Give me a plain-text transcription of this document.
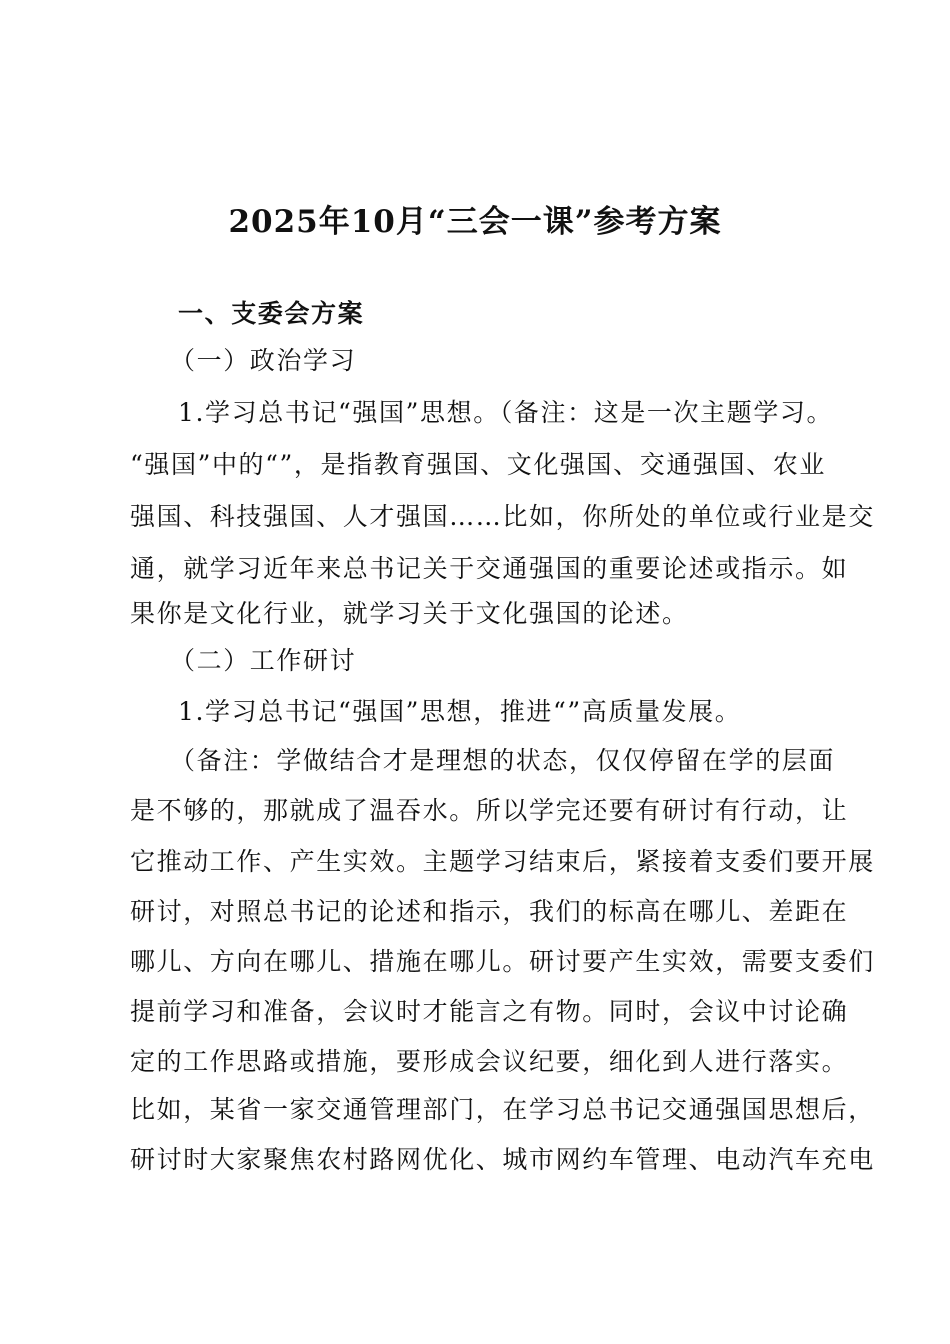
2025年10月“三会一课”参考方案
一、支委会方案
（一）政治学习
1.学习总书记“强国”思想。（备注：这是一次主题学习。
“强国”中的“”，是指教育强国、文化强国、交通强国、农业
强国、科技强国、人才强国……比如，你所处的单位或行业是交
通，就学习近年来总书记关于交通强国的重要论述或指示。如
果你是文化行业，就学习关于文化强国的论述。
（二）工作研讨
1.学习总书记“强国”思想，推进“”高质量发展。
（备注：学做结合才是理想的状态，仅仅停留在学的层面
是不够的，那就成了温吞水。所以学完还要有研讨有行动，让
它推动工作、产生实效。主题学习结束后，紧接着支委们要开展
研讨，对照总书记的论述和指示，我们的标高在哪儿、差距在
哪儿、方向在哪儿、措施在哪儿。研讨要产生实效，需要支委们
提前学习和准备，会议时才能言之有物。同时，会议中讨论确
定的工作思路或措施，要形成会议纪要，细化到人进行落实。
比如，某省一家交通管理部门，在学习总书记交通强国思想后，
研讨时大家聚焦农村路网优化、城市网约车管理、电动汽车充电
